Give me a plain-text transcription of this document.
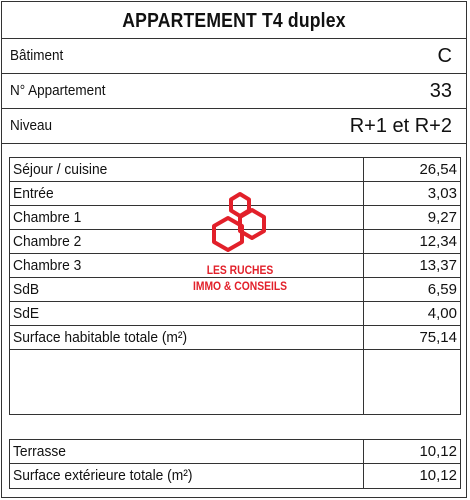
APPARTEMENT T4 duplex
Bâtiment	C
N° Appartement	33
Niveau	R+1 et R+2
Séjour / cuisine	26,54
Entrée	3,03
Chambre 1	9,27
Chambre 2	12,34
Chambre 3	13,37
SdB	6,59
SdE	4,00
Surface habitable totale (m²)	75,14
Terrasse	10,12
Surface extérieure totale (m²)	10,12
LES RUCHES
IMMO & CONSEILS
